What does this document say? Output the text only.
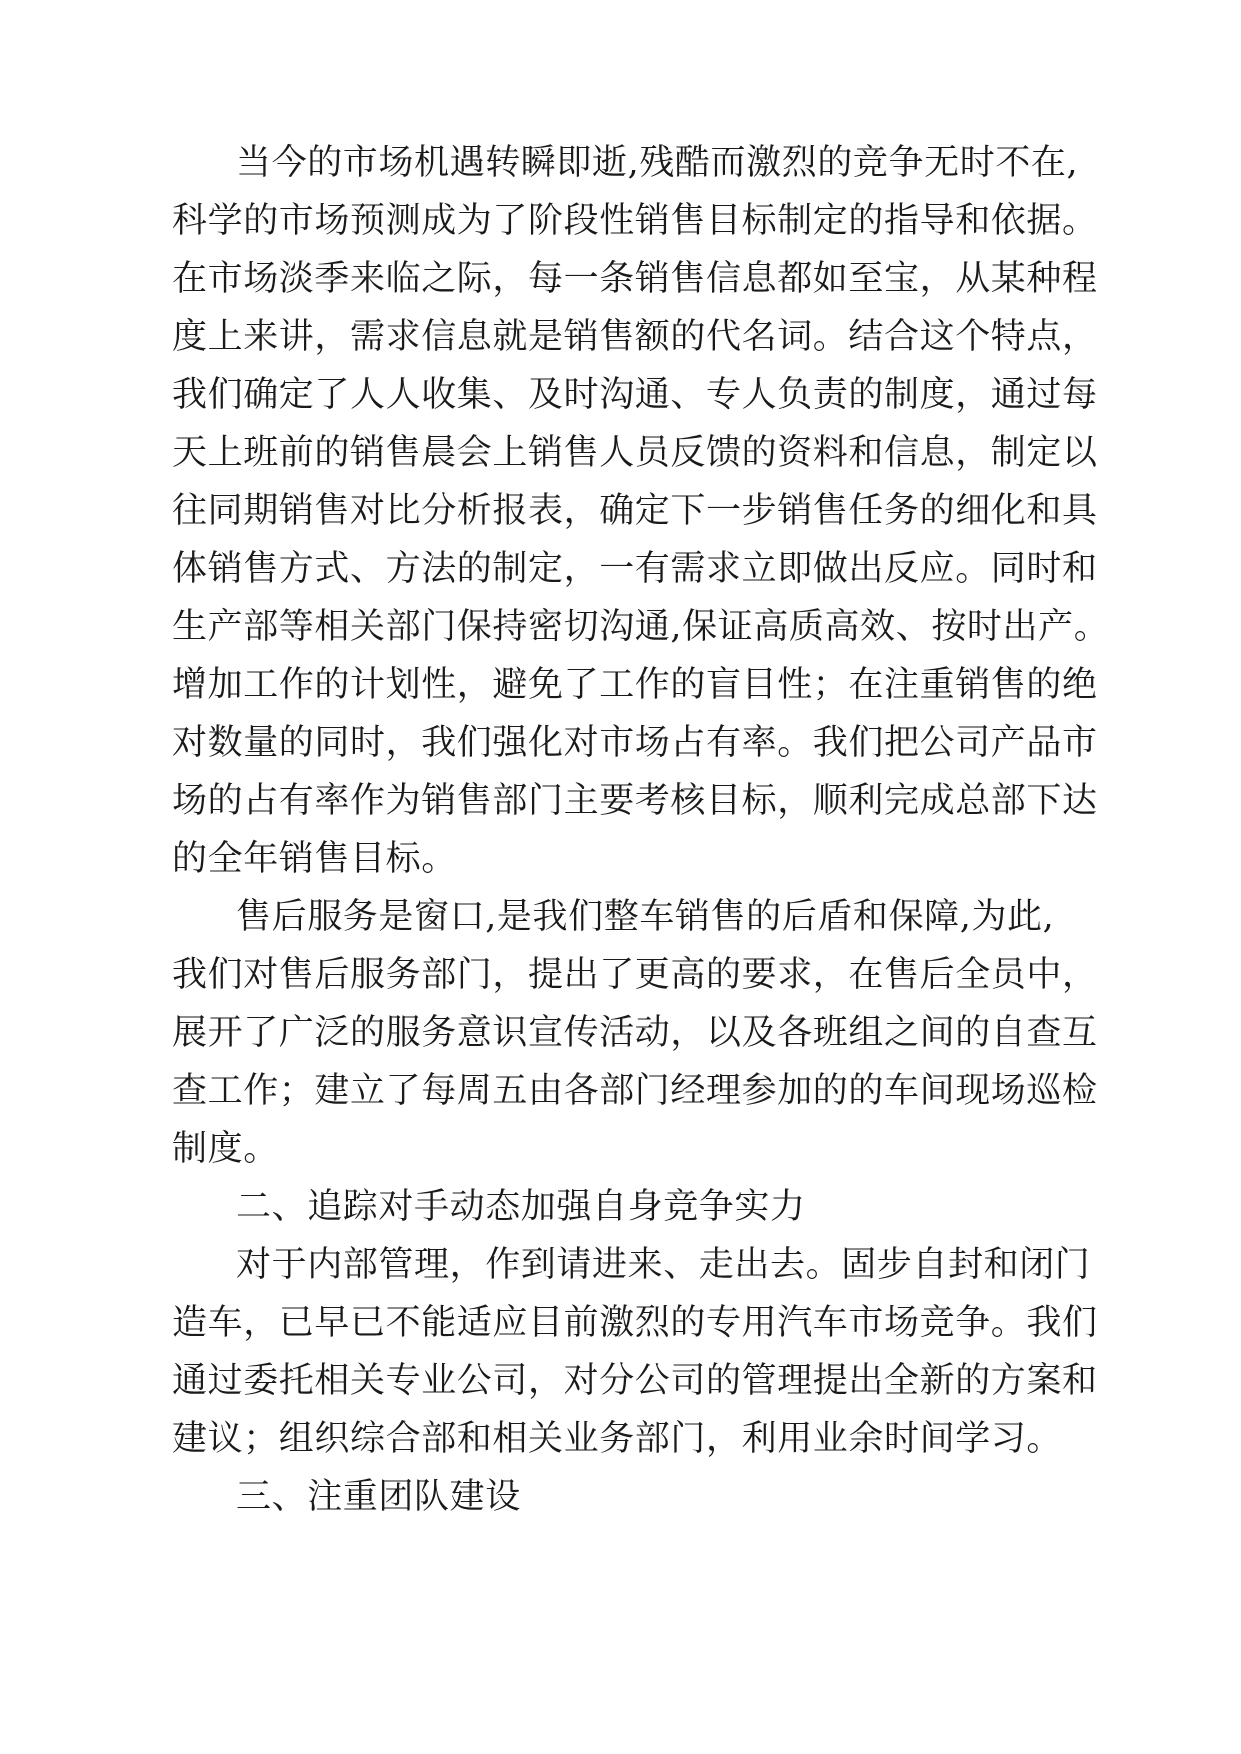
当今的市场机遇转瞬即逝,残酷而激烈的竞争无时不在,
科学的市场预测成为了阶段性销售目标制定的指导和依据。
在市场淡季来临之际，每一条销售信息都如至宝，从某种程
度上来讲，需求信息就是销售额的代名词。结合这个特点，
我们确定了人人收集、及时沟通、专人负责的制度，通过每
天上班前的销售晨会上销售人员反馈的资料和信息，制定以
往同期销售对比分析报表，确定下一步销售任务的细化和具
体销售方式、方法的制定，一有需求立即做出反应。同时和
生产部等相关部门保持密切沟通,保证高质高效、按时出产。
增加工作的计划性，避免了工作的盲目性；在注重销售的绝
对数量的同时，我们强化对市场占有率。我们把公司产品市
场的占有率作为销售部门主要考核目标，顺利完成总部下达
的全年销售目标。
售后服务是窗口,是我们整车销售的后盾和保障,为此,
我们对售后服务部门，提出了更高的要求，在售后全员中，
展开了广泛的服务意识宣传活动，以及各班组之间的自查互
查工作；建立了每周五由各部门经理参加的的车间现场巡检
制度。
二、追踪对手动态加强自身竞争实力
对于内部管理，作到请进来、走出去。固步自封和闭门
造车，已早已不能适应目前激烈的专用汽车市场竞争。我们
通过委托相关专业公司，对分公司的管理提出全新的方案和
建议；组织综合部和相关业务部门，利用业余时间学习。
三、注重团队建设
